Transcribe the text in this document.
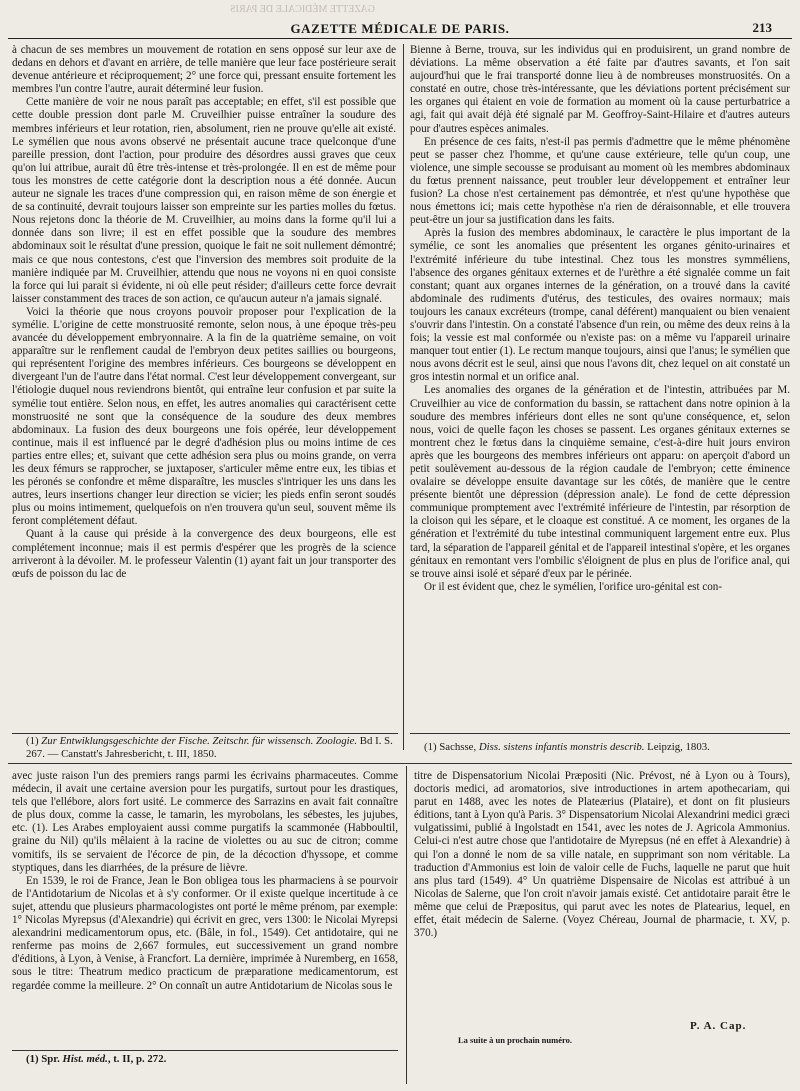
GAZETTE MÉDICALE DE PARIS.	213
GAZETTE MÉDICALE DE PARIS

à chacun de ses membres un mouvement de rotation en sens opposé sur leur axe de dedans en dehors et d'avant en arrière, de telle manière que leur face postérieure serait devenue antérieure et réciproquement; 2° une force qui, pressant ensuite fortement les membres l'un contre l'autre, aurait déterminé leur fusion.

Cette manière de voir ne nous paraît pas acceptable; en effet, s'il est possible que cette double pression dont parle M. Cruveilhier puisse entraîner la soudure des membres inférieurs et leur rotation, rien, absolument, rien ne prouve qu'elle ait existé. Le symélien que nous avons observé ne présentait aucune trace quelconque d'une pareille pression, dont l'action, pour produire des désordres aussi graves que ceux qu'on lui attribue, aurait dû être très-intense et très-prolongée. Il en est de même pour tous les monstres de cette catégorie dont la description nous a été donnée. Aucun auteur ne signale les traces d'une compression qui, en raison même de son énergie et de sa continuité, devrait toujours laisser son empreinte sur les parties molles du fœtus. Nous rejetons donc la théorie de M. Cruveilhier, au moins dans la forme qu'il lui a donnée dans son livre; il est en effet possible que la soudure des membres abdominaux soit le résultat d'une pression, quoique le fait ne soit nullement démontré; mais ce que nous contestons, c'est que l'inversion des membres soit produite de la manière indiquée par M. Cruveilhier, attendu que nous ne voyons ni en quoi consiste la force qui lui parait si évidente, ni où elle peut résider; d'ailleurs cette force devrait laisser constamment des traces de son action, ce qu'aucun auteur n'a jamais signalé.

Voici la théorie que nous croyons pouvoir proposer pour l'explication de la symélie. L'origine de cette monstruosité remonte, selon nous, à une époque très-peu avancée du développement embryonnaire. A la fin de la quatrième semaine, on voit apparaître sur le renflement caudal de l'embryon deux petites saillies ou bourgeons, qui représentent l'origine des membres inférieurs. Ces bourgeons se développent en divergeant l'un de l'autre dans l'état normal. C'est leur développement convergeant, sur l'étiologie duquel nous reviendrons bientôt, qui entraîne leur confusion et par suite la symélie tout entière. Selon nous, en effet, les autres anomalies qui caractérisent cette monstruosité ne sont que la conséquence de la soudure des deux membres abdominaux. La fusion des deux bourgeons une fois opérée, leur développement continue, mais il est influencé par le degré d'adhésion plus ou moins intime de ces parties entre elles; et, suivant que cette adhésion sera plus ou moins grande, on verra les deux fémurs se rapprocher, se juxtaposer, s'articuler même entre eux, les tibias et les péronés se confondre et même disparaître, les muscles s'intriquer les uns dans les autres, leurs insertions changer leur direction se vicier; les pieds enfin seront soudés plus ou moins intimement, quelquefois on n'en trouvera qu'un seul, souvent même ils feront complétement défaut.

Quant à la cause qui préside à la convergence des deux bourgeons, elle est complétement inconnue; mais il est permis d'espérer que les progrès de la science arriveront à la dévoiler. M. le professeur Valentin (1) ayant fait un jour transporter des œufs de poisson du lac de

Bienne à Berne, trouva, sur les individus qui en produisirent, un grand nombre de déviations. La même observation a été faite par d'autres savants, et l'on sait aujourd'hui que le frai transporté donne lieu à de nombreuses monstruosités. On a constaté en outre, chose très-intéressante, que les déviations portent précisément sur les organes qui étaient en voie de formation au moment où la cause perturbatrice a agi, fait qui avait déjà été signalé par M. Geoffroy-Saint-Hilaire et d'autres auteurs pour d'autres espèces animales.

En présence de ces faits, n'est-il pas permis d'admettre que le même phénomène peut se passer chez l'homme, et qu'une cause extérieure, telle qu'un coup, une violence, une simple secousse se produisant au moment où les membres abdominaux du fœtus prennent naissance, peut troubler leur développement et entraîner leur fusion? La chose n'est certainement pas démontrée, et n'est qu'une hypothèse que nous émettons ici; mais cette hypothèse n'a rien de déraisonnable, et elle trouvera peut-être un jour sa justification dans les faits.

Après la fusion des membres abdominaux, le caractère le plus important de la symélie, ce sont les anomalies que présentent les organes génito-urinaires et l'extrémité inférieure du tube intestinal. Chez tous les monstres symméliens, l'absence des organes génitaux externes et de l'urèthre a été signalée comme un fait constant; quant aux organes internes de la génération, on a trouvé dans la cavité abdominale des rudiments d'utérus, des testicules, des ovaires normaux; mais toujours les canaux excréteurs (trompe, canal déférent) manquaient ou bien venaient s'ouvrir dans l'intestin. On a constaté l'absence d'un rein, ou même des deux reins à la fois; la vessie est mal conformée ou n'existe pas: on a même vu l'appareil urinaire manquer tout entier (1). Le rectum manque toujours, ainsi que l'anus; le symélien que nous avons décrit est le seul, ainsi que nous l'avons dit, chez lequel on ait constaté un gros intestin normal et un orifice anal.

Les anomalies des organes de la génération et de l'intestin, attribuées par M. Cruveilhier au vice de conformation du bassin, se rattachent dans notre opinion à la soudure des membres inférieurs dont elles ne sont qu'une conséquence, et, selon nous, voici de quelle façon les choses se passent. Les organes génitaux externes se montrent chez le fœtus dans la cinquième semaine, c'est-à-dire huit jours environ après que les bourgeons des membres inférieurs ont apparu: on aperçoit d'abord un petit soulèvement au-dessous de la région caudale de l'embryon; cette éminence ovalaire se développe ensuite davantage sur les côtés, de manière que le centre présente bientôt une dépression (dépression anale). Le fond de cette dépression communique promptement avec l'extrémité inférieure de l'intestin, par résorption de la cloison qui les sépare, et le cloaque est constitué. A ce moment, les organes de la génération et l'extrémité du tube intestinal communiquent largement entre eux. Plus tard, la séparation de l'appareil génital et de l'appareil intestinal s'opère, et les organes génitaux en remontant vers l'ombilic s'éloignent de plus en plus de l'orifice anal, qui se trouve ainsi isolé et séparé d'eux par le périnée.

Or il est évident que, chez le symélien, l'orifice uro-génital est con-

(1) Zur Entwiklungsgeschichte der Fische. Zeitschr. für wissensch. Zoologie. Bd I. S. 267. — Canstatt's Jahresbericht, t. III, 1850.
(1) Sachsse, Diss. sistens infantis monstris describ. Leipzig, 1803.

avec juste raison l'un des premiers rangs parmi les écrivains pharmaceutes. Comme médecin, il avait une certaine aversion pour les purgatifs, surtout pour les drastiques, tels que l'ellébore, alors fort usité. Le commerce des Sarrazins en avait fait connaître de plus doux, comme la casse, le tamarin, les myrobolans, les sébestes, les jujubes, etc. (1). Les Arabes employaient aussi comme purgatifs la scammonée (Habboultil, graine du Nil) qu'ils mêlaient à la racine de violettes ou au suc de citron; comme vomitifs, ils se servaient de l'écorce de pin, de la décoction d'hyssope, et comme styptiques, dans les diarrhées, de la présure de lièvre.

En 1539, le roi de France, Jean le Bon obligea tous les pharmaciens à se pourvoir de l'Antidotarium de Nicolas et à s'y conformer. Or il existe quelque incertitude à ce sujet, attendu que plusieurs pharmacologistes ont porté le même prénom, par exemple: 1° Nicolas Myrepsus (d'Alexandrie) qui écrivit en grec, vers 1300: le Nicolai Myrepsi alexandrini medicamentorum opus, etc. (Bâle, in fol., 1549). Cet antidotaire, qui ne renferme pas moins de 2,667 formules, eut successivement un grand nombre d'éditions, à Lyon, à Venise, à Francfort. La dernière, imprimée à Nuremberg, en 1658, sous le titre: Theatrum medico practicum de præparatione medicamentorum, est regardée comme la meilleure. 2° On connaît un autre Antidotarium de Nicolas sous le

titre de Dispensatorium Nicolai Præpositi (Nic. Prévost, né à Lyon ou à Tours), doctoris medici, ad aromatorios, sive introductiones in artem apothecariam, qui parut en 1488, avec les notes de Plateærius (Plataire), et dont on fit plusieurs éditions, tant à Lyon qu'à Paris. 3° Dispensatorium Nicolai Alexandrini medici græci vulgatissimi, publié à Ingolstadt en 1541, avec les notes de J. Agricola Ammonius. Celui-ci n'est autre chose que l'antidotaire de Myrepsus (né en effet à Alexandrie) à qui l'on a donné le nom de sa ville natale, en supprimant son nom véritable. La traduction d'Ammonius est loin de valoir celle de Fuchs, laquelle ne parut que huit ans plus tard (1549). 4° Un quatrième Dispensaire de Nicolas est attribué à un Nicolas de Salerne, que l'on croit n'avoir jamais existé. Cet antidotaire parait être le même que celui de Præpositus, qui parut avec les notes de Platearius, lequel, en effet, était médecin de Salerne. (Voyez Chéreau, Journal de pharmacie, t. XV, p. 370.)

P. A. Cap.
La suite à un prochain numéro.
(1) Spr. Hist. méd., t. II, p. 272.
